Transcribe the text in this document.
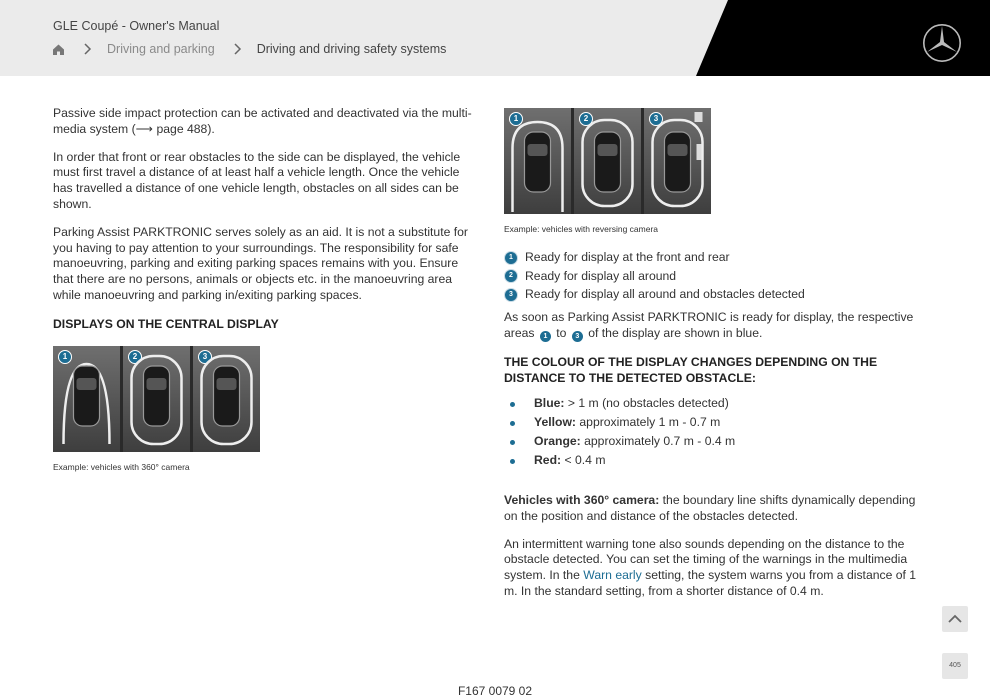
GLE Coupé - Owner's Manual
Driving and parking	Driving and driving safety systems

Passive side impact protection can be activated and deactivated via the multi-media system (⟶ page 488).

In order that front or rear obstacles to the side can be displayed, the vehicle must first travel a distance of at least half a vehicle length. Once the vehicle has travelled a distance of one vehicle length, obstacles on all sides can be shown.

Parking Assist PARKTRONIC serves solely as an aid. It is not a substitute for you having to pay attention to your surroundings. The responsibility for safe manoeuvring, parking and exiting parking spaces remains with you. Ensure that there are no persons, animals or objects etc. in the manoeuvring area while manoeuvring and parking in/exiting parking spaces.

DISPLAYS ON THE CENTRAL DISPLAY
1	2	3
Example: vehicles with 360° camera
1	2	3
Example: vehicles with reversing camera
1 Ready for display at the front and rear
2 Ready for display all around
3 Ready for display all around and obstacles detected

As soon as Parking Assist PARKTRONIC is ready for display, the respective areas 1 to 3 of the display are shown in blue.

THE COLOUR OF THE DISPLAY CHANGES DEPENDING ON THE DISTANCE TO THE DETECTED OBSTACLE:
Blue: > 1 m (no obstacles detected)
Yellow: approximately 1 m - 0.7 m
Orange: approximately 0.7 m - 0.4 m
Red: < 0.4 m

Vehicles with 360° camera: the boundary line shifts dynamically depending on the position and distance of the obstacles detected.

An intermittent warning tone also sounds depending on the distance to the obstacle detected. You can set the timing of the warnings in the multimedia system. In the Warn early setting, the system warns you from a distance of 1 m. In the standard setting, from a shorter distance of 0.4 m.

405
F167 0079 02
